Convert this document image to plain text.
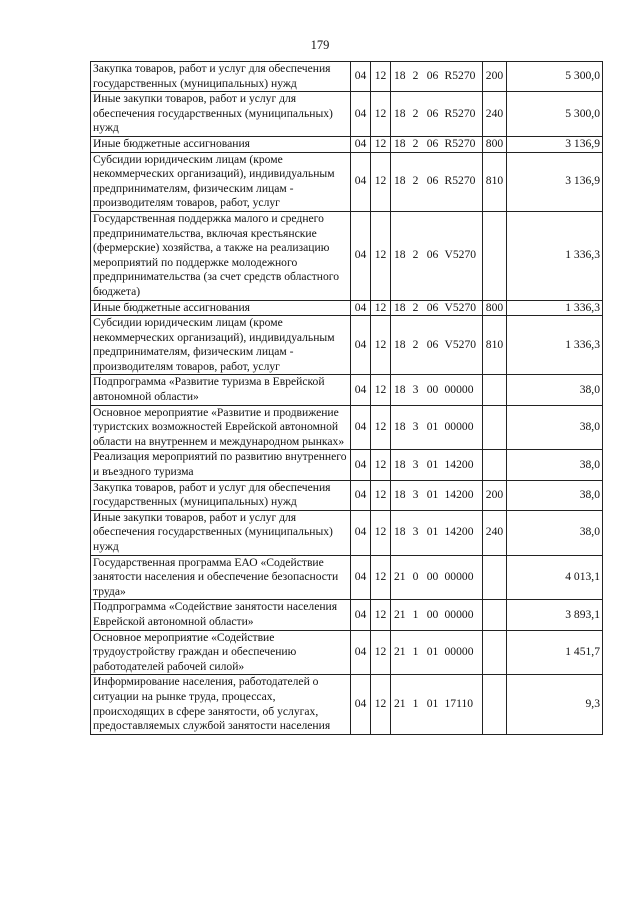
179
Закупка товаров, работ и услуг для обеспечения государственных (муниципальных) нужд	04	12	18	2	06	R5270	200	5 300,0
Иные закупки товаров, работ и услуг для обеспечения государственных (муниципальных) нужд	04	12	18	2	06	R5270	240	5 300,0
Иные бюджетные ассигнования	04	12	18	2	06	R5270	800	3 136,9
Субсидии юридическим лицам (кроме некоммерческих организаций), индивидуальным предпринимателям, физическим лицам - производителям товаров, работ, услуг	04	12	18	2	06	R5270	810	3 136,9
Государственная поддержка малого и среднего предпринимательства, включая крестьянские (фермерские) хозяйства, а также на реализацию мероприятий по поддержке молодежного предпринимательства (за счет средств областного бюджета)	04	12	18	2	06	V5270		1 336,3
Иные бюджетные ассигнования	04	12	18	2	06	V5270	800	1 336,3
Субсидии юридическим лицам (кроме некоммерческих организаций), индивидуальным предпринимателям, физическим лицам - производителям товаров, работ, услуг	04	12	18	2	06	V5270	810	1 336,3
Подпрограмма «Развитие туризма в Еврейской автономной области»	04	12	18	3	00	00000		38,0
Основное мероприятие «Развитие и продвижение туристских возможностей Еврейской автономной области на внутреннем и международном рынках»	04	12	18	3	01	00000		38,0
Реализация мероприятий по развитию внутреннего и въездного туризма	04	12	18	3	01	14200		38,0
Закупка товаров, работ и услуг для обеспечения государственных (муниципальных) нужд	04	12	18	3	01	14200	200	38,0
Иные закупки товаров, работ и услуг для обеспечения государственных (муниципальных) нужд	04	12	18	3	01	14200	240	38,0
Государственная программа ЕАО «Содействие занятости населения и обеспечение безопасности труда»	04	12	21	0	00	00000		4 013,1
Подпрограмма «Содействие занятости населения Еврейской автономной области»	04	12	21	1	00	00000		3 893,1
Основное мероприятие «Содействие трудоустройству граждан и обеспечению работодателей рабочей силой»	04	12	21	1	01	00000		1 451,7
Информирование населения, работодателей о ситуации на рынке труда, процессах, происходящих в сфере занятости, об услугах, предоставляемых службой занятости населения	04	12	21	1	01	17110		9,3
